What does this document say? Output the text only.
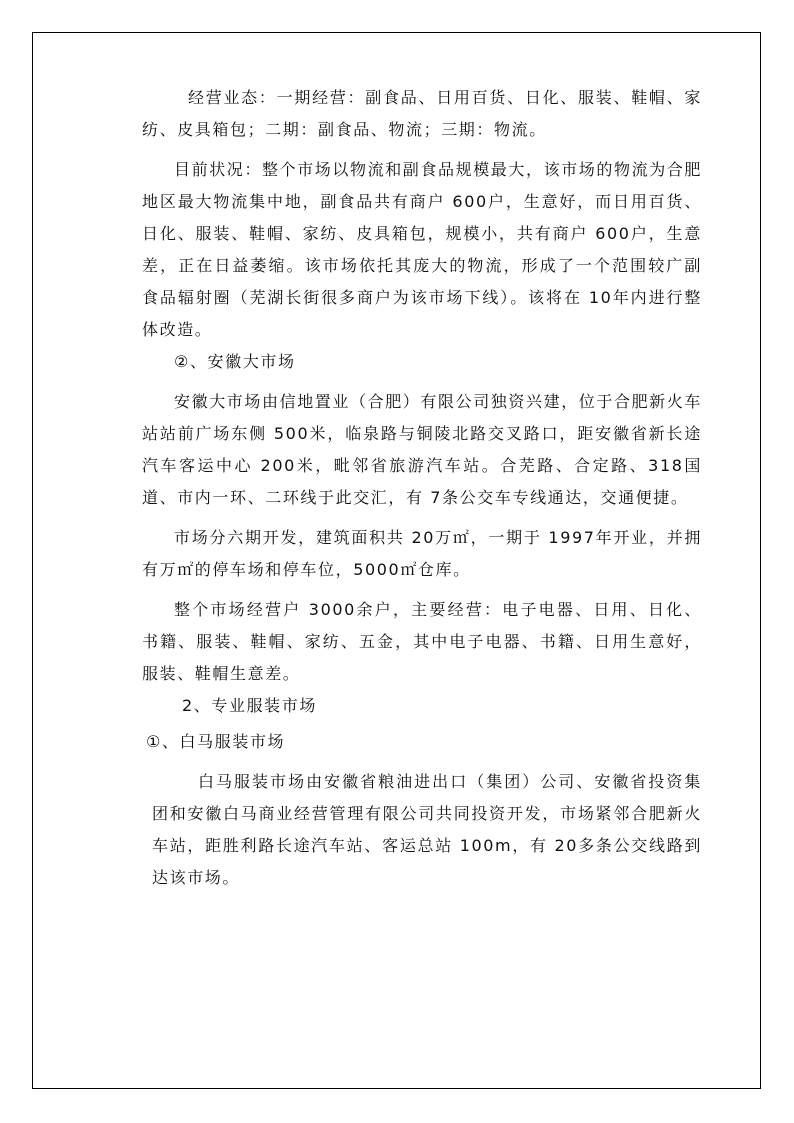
经营业态：一期经营：副食品、日用百货、日化、服装、鞋帽、家纺、皮具箱包；二期：副食品、物流；三期：物流。

目前状况：整个市场以物流和副食品规模最大，该市场的物流为合肥地区最大物流集中地，副食品共有商户 600户，生意好，而日用百货、日化、服装、鞋帽、家纺、皮具箱包，规模小，共有商户 600户，生意差，正在日益萎缩。该市场依托其庞大的物流，形成了一个范围较广副食品辐射圈（芜湖长街很多商户为该市场下线）。该将在 10年内进行整体改造。

②、安徽大市场

安徽大市场由信地置业（合肥）有限公司独资兴建，位于合肥新火车站站前广场东侧 500米，临泉路与铜陵北路交叉路口，距安徽省新长途汽车客运中心 200米，毗邻省旅游汽车站。合芜路、合定路、318国道、市内一环、二环线于此交汇，有 7条公交车专线通达，交通便捷。

市场分六期开发，建筑面积共 20万㎡，一期于 1997年开业，并拥有万㎡的停车场和停车位，5000㎡仓库。

整个市场经营户 3000余户，主要经营：电子电器、日用、日化、书籍、服装、鞋帽、家纺、五金，其中电子电器、书籍、日用生意好，服装、鞋帽生意差。

2、专业服装市场

①、白马服装市场

白马服装市场由安徽省粮油进出口（集团）公司、安徽省投资集团和安徽白马商业经营管理有限公司共同投资开发，市场紧邻合肥新火车站，距胜利路长途汽车站、客运总站 100m，有 20多条公交线路到达该市场。
